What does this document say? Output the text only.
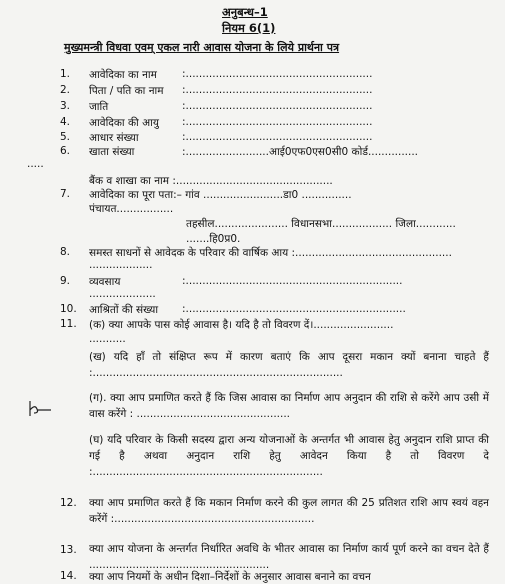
अनुबन्ध–1
नियम 6(1)
मुख्यमन्त्री विधवा एवम् एकल नारी आवास योजना के लिये प्रार्थना पत्र
1.	आवेदिका का नाम :........................................................
2.	पिता / पति का नाम :........................................................
3.	जाति	:........................................................
4.	आवेदिका की आयु :........................................................
5.	आधार संख्या	:........................................................
6.	खाता संख्या	:.........................आई0एफ0एस0सी0 कोर्ड...............
.....
बैंक व शाखा का नाम :...............................................
7.	आवेदिका का पूरा पता:– गांव ........................डा0 ...............
पंचायत.................
तहसील...................... विधानसभा.................. जिला............
.......हि0प्र0.
8.	समस्त साधनों से आवेदक के परिवार की वार्षिक आय :...............................................
...................
9.	व्यवसाय	:.................................................................
....................
10.	आश्रितों की संख्या :..................................................................
11.	(क) क्या आपके पास कोई आवास है। यदि है तो विवरण दें।........................
...........
(ख) यदि हाँ तो संक्षिप्त रूप में कारण बताएं कि आप दूसरा मकान क्यों बनाना चाहते हैं :...........................................................................
(ग). क्या आप प्रमाणित करते हैं कि जिस आवास का निर्माण आप अनुदान की राशि से करेंगे आप उसी में वास करेंगे : ..............................................
(घ) यदि परिवार के किसी सदस्य द्वारा अन्य योजनाओं के अन्तर्गत भी आवास हेतु अनुदान राशि प्राप्त की गई है अथवा अनुदान राशि हेतु आवेदन किया है तो विवरण दे :.....................................................................
12.	क्या आप प्रमाणित करते हैं कि मकान निर्माण करने की कुल लागत की 25 प्रतिशत राशि आप स्वयं वहन करेंगें :............................................................
13.	क्या आप योजना के अन्तर्गत निर्धारित अवधि के भीतर आवास का निर्माण कार्य पूर्ण करने का वचन देते हैं ......................................................
14.	क्या आप नियमों के अधीन दिशा–निर्देशों के अनुसार आवास बनाने का वचन
